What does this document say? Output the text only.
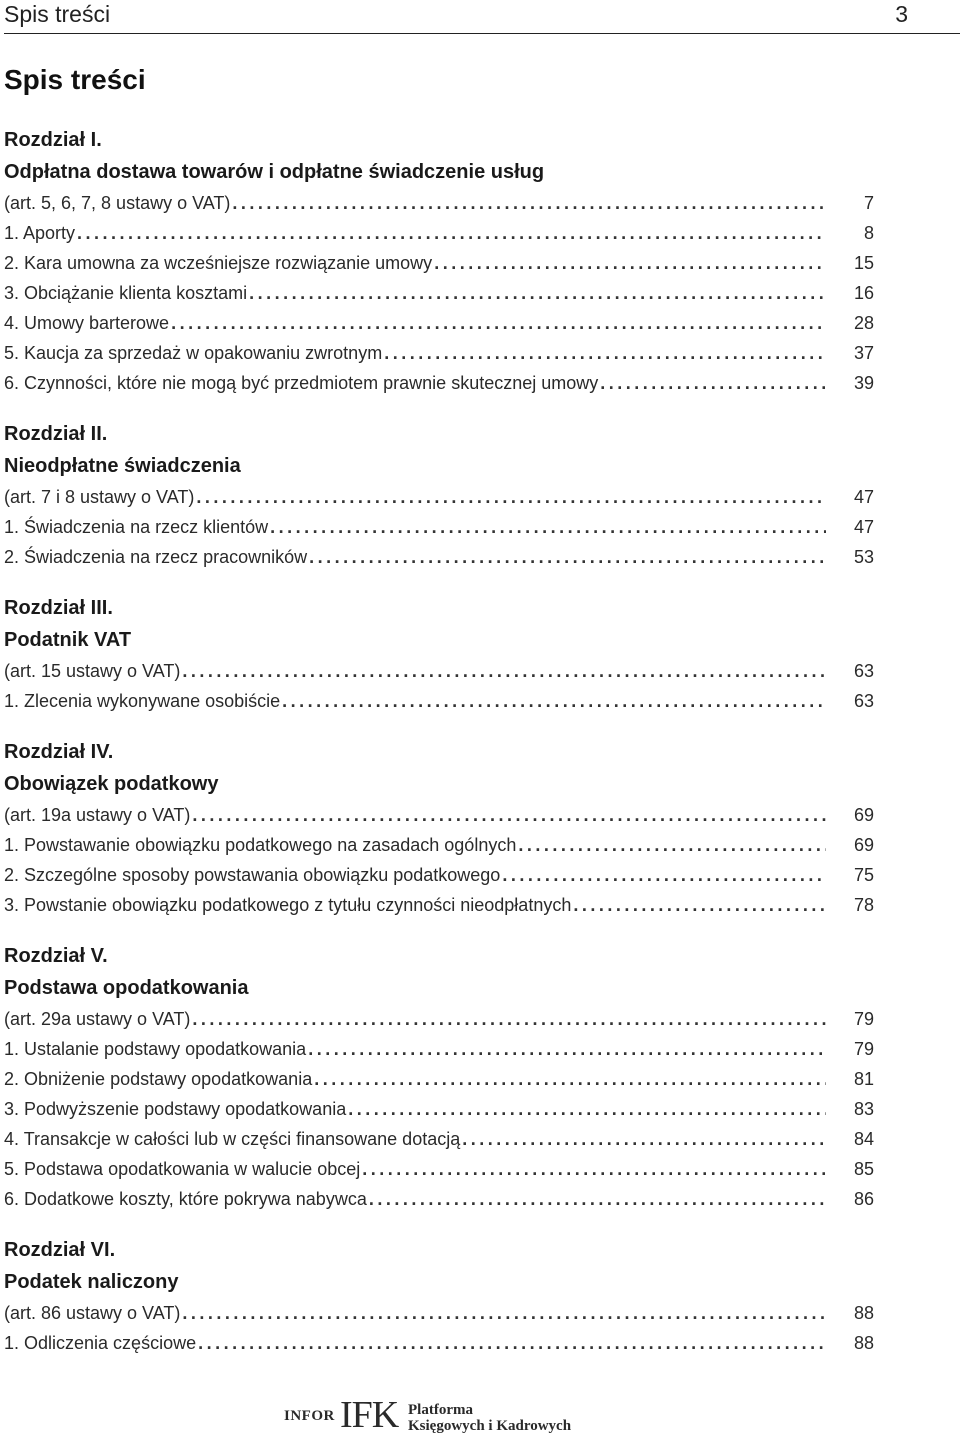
Spis treści	3
Spis treści
Rozdział I.
Odpłatna dostawa towarów i odpłatne świadczenie usług
(art. 5, 6, 7, 8 ustawy o VAT) .....	7
1. Aporty .....	8
2. Kara umowna za wcześniejsze rozwiązanie umowy .....	15
3. Obciążanie klienta kosztami .....	16
4. Umowy barterowe .....	28
5. Kaucja za sprzedaż w opakowaniu zwrotnym .....	37
6. Czynności, które nie mogą być przedmiotem prawnie skutecznej umowy .....	39
Rozdział II.
Nieodpłatne świadczenia
(art. 7 i 8 ustawy o VAT) .....	47
1. Świadczenia na rzecz klientów .....	47
2. Świadczenia na rzecz pracowników .....	53
Rozdział III.
Podatnik VAT
(art. 15 ustawy o VAT) .....	63
1. Zlecenia wykonywane osobiście .....	63
Rozdział IV.
Obowiązek podatkowy
(art. 19a ustawy o VAT) .....	69
1. Powstawanie obowiązku podatkowego na zasadach ogólnych .....	69
2. Szczególne sposoby powstawania obowiązku podatkowego .....	75
3. Powstanie obowiązku podatkowego z tytułu czynności nieodpłatnych .....	78
Rozdział V.
Podstawa opodatkowania
(art. 29a ustawy o VAT) .....	79
1. Ustalanie podstawy opodatkowania .....	79
2. Obniżenie podstawy opodatkowania .....	81
3. Podwyższenie podstawy opodatkowania .....	83
4. Transakcje w całości lub w części finansowane dotacją .....	84
5. Podstawa opodatkowania w walucie obcej .....	85
6. Dodatkowe koszty, które pokrywa nabywca .....	86
Rozdział VI.
Podatek naliczony
(art. 86 ustawy o VAT) .....	88
1. Odliczenia częściowe .....	88
INFOR IFK Platforma
Księgowych i Kadrowych
